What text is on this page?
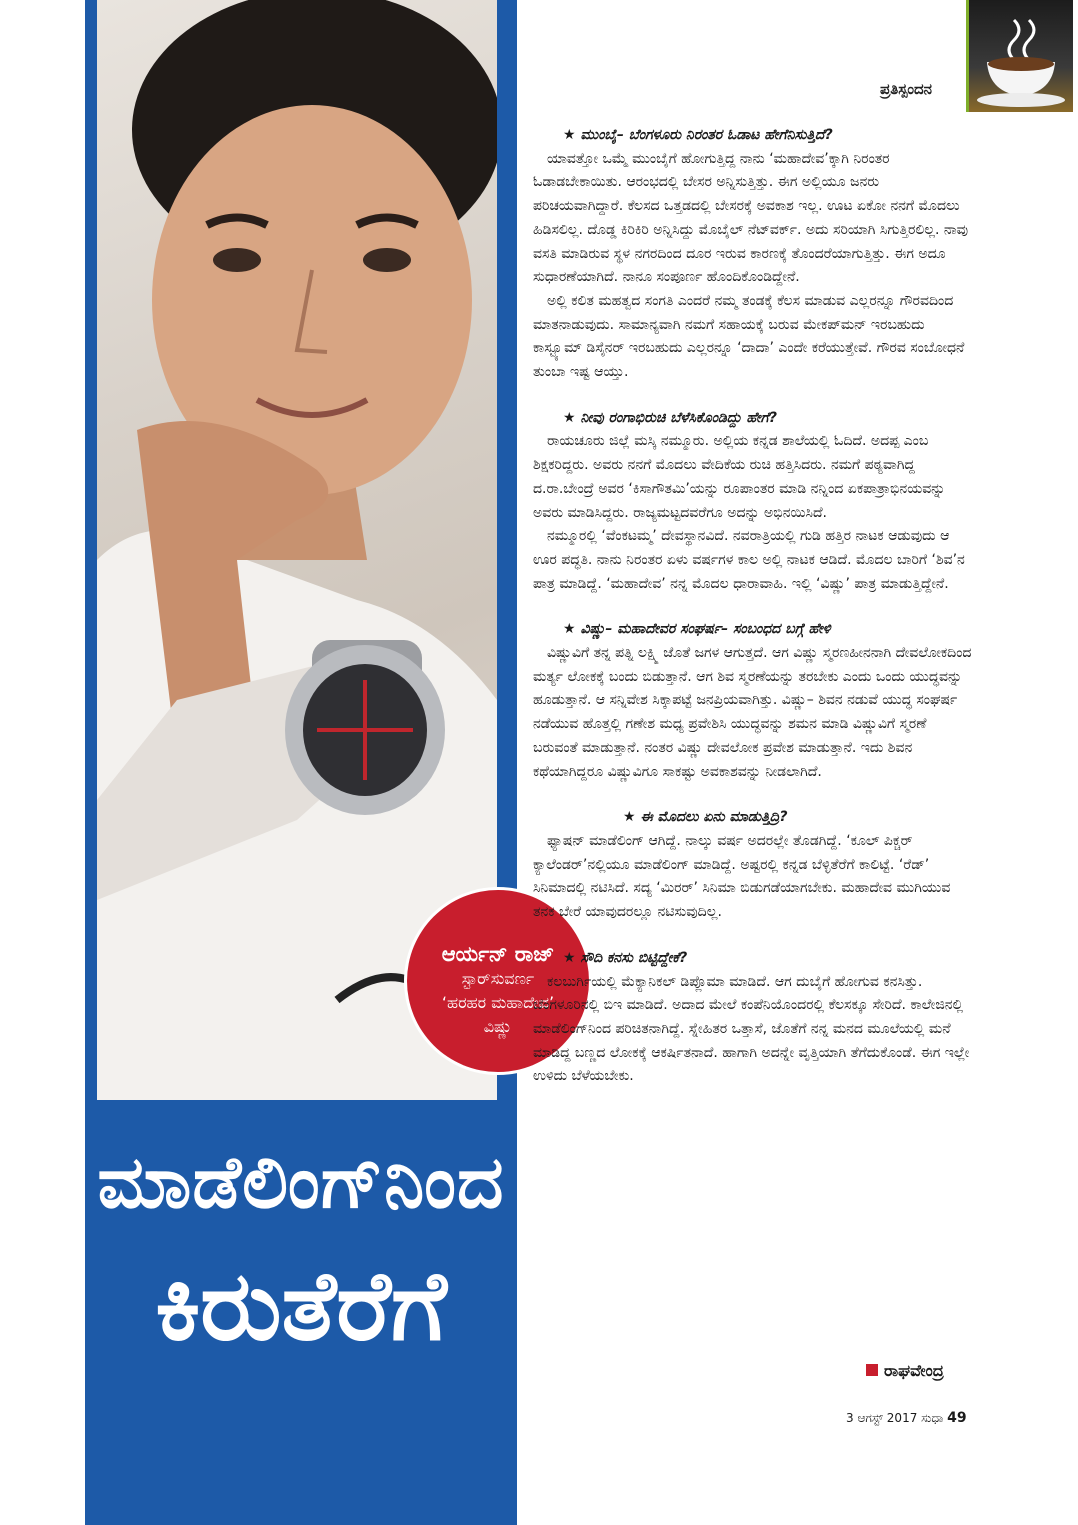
ಮಾಡೆಲಿಂಗ್‌ನಿಂದ
ಕಿರುತೆರೆಗೆ
ಆರ್ಯನ್ ರಾಜ್
ಸ್ಟಾರ್‌ಸುವರ್ಣ
‘ಹರಹರ ಮಹಾದೇವ’
ವಿಷ್ಣು
ಪ್ರತಿಸ್ಪಂದನ
★ ಮುಂಬೈ– ಬೆಂಗಳೂರು ನಿರಂತರ ಓಡಾಟ ಹೇಗೆನಿಸುತ್ತಿದೆ?

ಯಾವತ್ತೋ ಒಮ್ಮೆ ಮುಂಬೈಗೆ ಹೋಗುತ್ತಿದ್ದ ನಾನು ‘ಮಹಾದೇವ’ಕ್ಕಾಗಿ ನಿರಂತರ ಓಡಾಡಬೇಕಾಯಿತು. ಆರಂಭದಲ್ಲಿ ಬೇಸರ ಅನ್ನಿಸುತ್ತಿತ್ತು. ಈಗ ಅಲ್ಲಿಯೂ ಜನರು ಪರಿಚಯವಾಗಿದ್ದಾರೆ. ಕೆಲಸದ ಒತ್ತಡದಲ್ಲಿ ಬೇಸರಕ್ಕೆ ಅವಕಾಶ ಇಲ್ಲ. ಊಟ ಏಕೋ ನನಗೆ ಮೊದಲು ಹಿಡಿಸಲಿಲ್ಲ. ದೊಡ್ಡ ಕಿರಿಕಿರಿ ಅನ್ನಿಸಿದ್ದು ಮೊಬೈಲ್ ನೆಟ್‌ವರ್ಕ್. ಅದು ಸರಿಯಾಗಿ ಸಿಗುತ್ತಿರಲಿಲ್ಲ. ನಾವು ವಸತಿ ಮಾಡಿರುವ ಸ್ಥಳ ನಗರದಿಂದ ದೂರ ಇರುವ ಕಾರಣಕ್ಕೆ ತೊಂದರೆಯಾಗುತ್ತಿತ್ತು. ಈಗ ಅದೂ ಸುಧಾರಣೆಯಾಗಿದೆ. ನಾನೂ ಸಂಪೂರ್ಣ ಹೊಂದಿಕೊಂಡಿದ್ದೇನೆ.

ಅಲ್ಲಿ ಕಲಿತ ಮಹತ್ವದ ಸಂಗತಿ ಎಂದರೆ ನಮ್ಮ ತಂಡಕ್ಕೆ ಕೆಲಸ ಮಾಡುವ ಎಲ್ಲರನ್ನೂ ಗೌರವದಿಂದ ಮಾತನಾಡುವುದು. ಸಾಮಾನ್ಯವಾಗಿ ನಮಗೆ ಸಹಾಯಕ್ಕೆ ಬರುವ ಮೇಕಪ್‌ಮನ್ ಇರಬಹುದು ಕಾಸ್ಟ್ಯೂಮ್ ಡಿಸೈನರ್ ಇರಬಹುದು ಎಲ್ಲರನ್ನೂ ‘ದಾದಾ’ ಎಂದೇ ಕರೆಯುತ್ತೇವೆ. ಗೌರವ ಸಂಬೋಧನೆ ತುಂಬಾ ಇಷ್ಟ ಆಯ್ತು.

★ ನೀವು ರಂಗಾಭಿರುಚಿ ಬೆಳೆಸಿಕೊಂಡಿದ್ದು ಹೇಗೆ?

ರಾಯಚೂರು ಜಿಲ್ಲೆ ಮಸ್ಕಿ ನಮ್ಮೂರು. ಅಲ್ಲಿಯ ಕನ್ನಡ ಶಾಲೆಯಲ್ಲಿ ಓದಿದೆ. ಅದಪ್ಪ ಎಂಬ ಶಿಕ್ಷಕರಿದ್ದರು. ಅವರು ನನಗೆ ಮೊದಲು ವೇದಿಕೆಯ ರುಚಿ ಹತ್ತಿಸಿದರು. ನಮಗೆ ಪಠ್ಯವಾಗಿದ್ದ ದ.ರಾ.ಬೇಂದ್ರೆ ಅವರ ‘ಕಿಸಾಗೌತಮಿ’ಯನ್ನು ರೂಪಾಂತರ ಮಾಡಿ ನನ್ನಿಂದ ಏಕಪಾತ್ರಾಭಿನಯವನ್ನು ಅವರು ಮಾಡಿಸಿದ್ದರು. ರಾಜ್ಯಮಟ್ಟದವರೆಗೂ ಅದನ್ನು ಅಭಿನಯಿಸಿದೆ.

ನಮ್ಮೂರಲ್ಲಿ ‘ವೆಂಕಟಮ್ಮ’ ದೇವಸ್ಥಾನವಿದೆ. ನವರಾತ್ರಿಯಲ್ಲಿ ಗುಡಿ ಹತ್ತಿರ ನಾಟಕ ಆಡುವುದು ಆ ಊರ ಪದ್ಧತಿ. ನಾನು ನಿರಂತರ ಏಳು ವರ್ಷಗಳ ಕಾಲ ಅಲ್ಲಿ ನಾಟಕ ಆಡಿದೆ. ಮೊದಲ ಬಾರಿಗೆ ‘ಶಿವ’ನ ಪಾತ್ರ ಮಾಡಿದ್ದೆ. ‘ಮಹಾದೇವ’ ನನ್ನ ಮೊದಲ ಧಾರಾವಾಹಿ. ಇಲ್ಲಿ ‘ವಿಷ್ಣು’ ಪಾತ್ರ ಮಾಡುತ್ತಿದ್ದೇನೆ.

★ ವಿಷ್ಣು– ಮಹಾದೇವರ ಸಂಘರ್ಷ– ಸಂಬಂಧದ ಬಗ್ಗೆ ಹೇಳಿ

ವಿಷ್ಣುವಿಗೆ ತನ್ನ ಪತ್ನಿ ಲಕ್ಷ್ಮಿ ಜೊತೆ ಜಗಳ ಆಗುತ್ತದೆ. ಆಗ ವಿಷ್ಣು ಸ್ಮರಣಹೀನನಾಗಿ ದೇವಲೋಕದಿಂದ ಮರ್ತ್ಯ ಲೋಕಕ್ಕೆ ಬಂದು ಬಿಡುತ್ತಾನೆ. ಆಗ ಶಿವ ಸ್ಮರಣೆಯನ್ನು ತರಬೇಕು ಎಂದು ಒಂದು ಯುದ್ಧವನ್ನು ಹೂಡುತ್ತಾನೆ. ಆ ಸನ್ನಿವೇಶ ಸಿಕ್ಕಾಪಟ್ಟೆ ಜನಪ್ರಿಯವಾಗಿತ್ತು. ವಿಷ್ಣು– ಶಿವನ ನಡುವೆ ಯುದ್ಧ ಸಂಘರ್ಷ ನಡೆಯುವ ಹೊತ್ತಲ್ಲಿ ಗಣೇಶ ಮಧ್ಯ ಪ್ರವೇಶಿಸಿ ಯುದ್ಧವನ್ನು ಶಮನ ಮಾಡಿ ವಿಷ್ಣುವಿಗೆ ಸ್ಮರಣೆ ಬರುವಂತೆ ಮಾಡುತ್ತಾನೆ. ನಂತರ ವಿಷ್ಣು ದೇವಲೋಕ ಪ್ರವೇಶ ಮಾಡುತ್ತಾನೆ. ಇದು ಶಿವನ ಕಥೆಯಾಗಿದ್ದರೂ ವಿಷ್ಣುವಿಗೂ ಸಾಕಷ್ಟು ಅವಕಾಶವನ್ನು ನೀಡಲಾಗಿದೆ.

★ ಈ ಮೊದಲು ಏನು ಮಾಡುತ್ತಿದ್ರಿ?

ಫ್ಯಾಷನ್ ಮಾಡೆಲಿಂಗ್ ಆಗಿದ್ದೆ. ನಾಲ್ಕು ವರ್ಷ ಅದರಲ್ಲೇ ತೊಡಗಿದ್ದೆ. ‘ಕೂಲ್ ಪಿಕ್ಚರ್ ಕ್ಯಾಲೆಂಡರ್’ನಲ್ಲಿಯೂ ಮಾಡೆಲಿಂಗ್ ಮಾಡಿದ್ದೆ. ಅಷ್ಟರಲ್ಲಿ ಕನ್ನಡ ಬೆಳ್ಳಿತೆರೆಗೆ ಕಾಲಿಟ್ಟೆ. ‘ರೆಡ್’ ಸಿನಿಮಾದಲ್ಲಿ ನಟಿಸಿದೆ. ಸದ್ಯ ‘ಮಿರರ್’ ಸಿನಿಮಾ ಬಿಡುಗಡೆಯಾಗಬೇಕು. ಮಹಾದೇವ ಮುಗಿಯುವ ತನಕ ಬೇರೆ ಯಾವುದರಲ್ಲೂ ನಟಿಸುವುದಿಲ್ಲ.

★ ಸೌದಿ ಕನಸು ಬಿಟ್ಟಿದ್ದೇಕೆ?

ಕಲಬುರ್ಗಿಯಲ್ಲಿ ಮೆಕ್ಯಾನಿಕಲ್ ಡಿಪ್ಲೊಮಾ ಮಾಡಿದೆ. ಆಗ ದುಬೈಗೆ ಹೋಗುವ ಕನಸಿತ್ತು. ಬೆಂಗಳೂರಿನಲ್ಲಿ ಬಿಇ ಮಾಡಿದೆ. ಅದಾದ ಮೇಲೆ ಕಂಪೆನಿಯೊಂದರಲ್ಲಿ ಕೆಲಸಕ್ಕೂ ಸೇರಿದೆ. ಕಾಲೇಜಿನಲ್ಲಿ ಮಾಡೆಲಿಂಗ್‌ನಿಂದ ಪರಿಚಿತನಾಗಿದ್ದೆ. ಸ್ನೇಹಿತರ ಒತ್ತಾಸೆ, ಜೊತೆಗೆ ನನ್ನ ಮನದ ಮೂಲೆಯಲ್ಲಿ ಮನೆ ಮಾಡಿದ್ದ ಬಣ್ಣದ ಲೋಕಕ್ಕೆ ಆಕರ್ಷಿತನಾದೆ. ಹಾಗಾಗಿ ಅದನ್ನೇ ವೃತ್ತಿಯಾಗಿ ತೆಗೆದುಕೊಂಡೆ. ಈಗ ಇಲ್ಲೇ ಉಳಿದು ಬೆಳೆಯಬೇಕು.

ರಾಘವೇಂದ್ರ
3 ಆಗಸ್ಟ್ 2017 ಸುಧಾ 49
